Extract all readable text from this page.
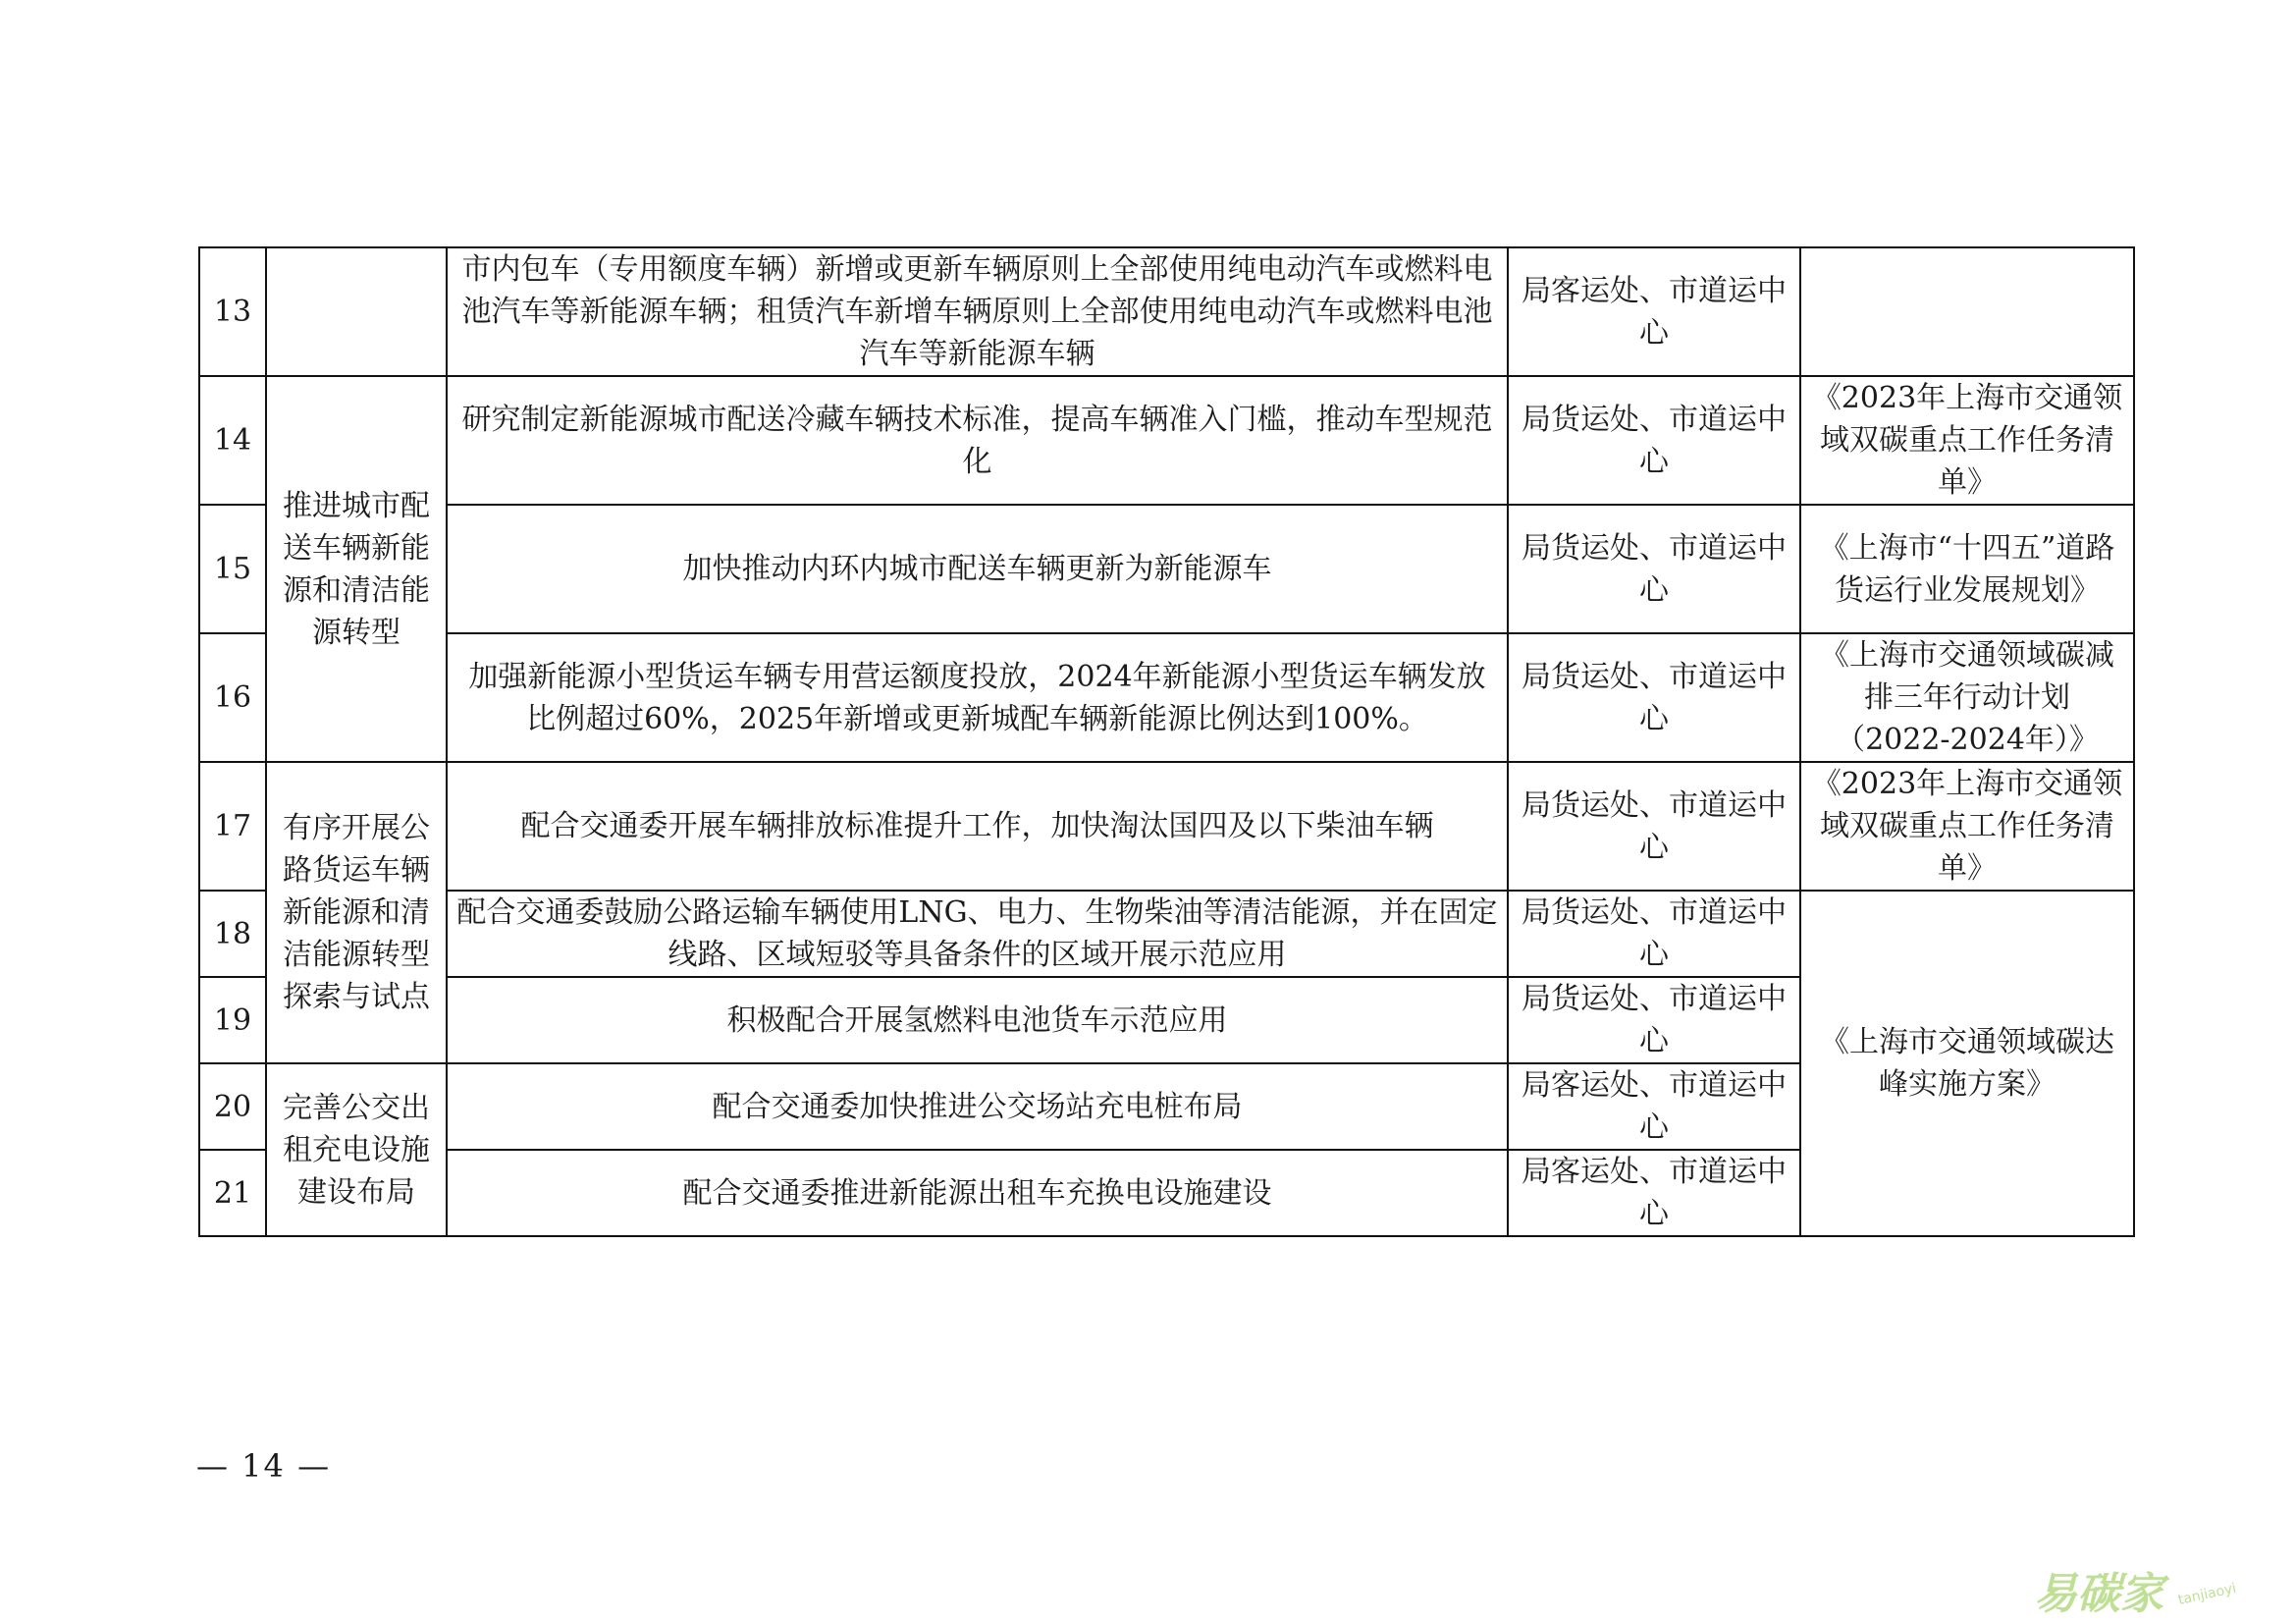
13		市内包车（专用额度车辆）新增或更新车辆原则上全部使用纯电动汽车或燃料电池汽车等新能源车辆；租赁汽车新增车辆原则上全部使用纯电动汽车或燃料电池汽车等新能源车辆	局客运处、市道运中心	
14	推进城市配送车辆新能源和清洁能源转型	研究制定新能源城市配送冷藏车辆技术标准，提高车辆准入门槛，推动车型规范化	局货运处、市道运中心	《2023年上海市交通领域双碳重点工作任务清单》
15		加快推动内环内城市配送车辆更新为新能源车	局货运处、市道运中心	《上海市“十四五”道路货运行业发展规划》
16		加强新能源小型货运车辆专用营运额度投放，2024年新能源小型货运车辆发放比例超过60%，2025年新增或更新城配车辆新能源比例达到100%。	局货运处、市道运中心	《上海市交通领域碳减排三年行动计划（2022-2024年）》
17	有序开展公路货运车辆新能源和清洁能源转型探索与试点	配合交通委开展车辆排放标准提升工作，加快淘汰国四及以下柴油车辆	局货运处、市道运中心	《2023年上海市交通领域双碳重点工作任务清单》
18		配合交通委鼓励公路运输车辆使用LNG、电力、生物柴油等清洁能源，并在固定线路、区域短驳等具备条件的区域开展示范应用	局货运处、市道运中心	《上海市交通领域碳达峰实施方案》
19		积极配合开展氢燃料电池货车示范应用	局货运处、市道运中心	
20	完善公交出租充电设施建设布局	配合交通委加快推进公交场站充电桩布局	局客运处、市道运中心	
21		配合交通委推进新能源出租车充换电设施建设	局客运处、市道运中心	
— 14 —
易碳家 tanjiaoyi
